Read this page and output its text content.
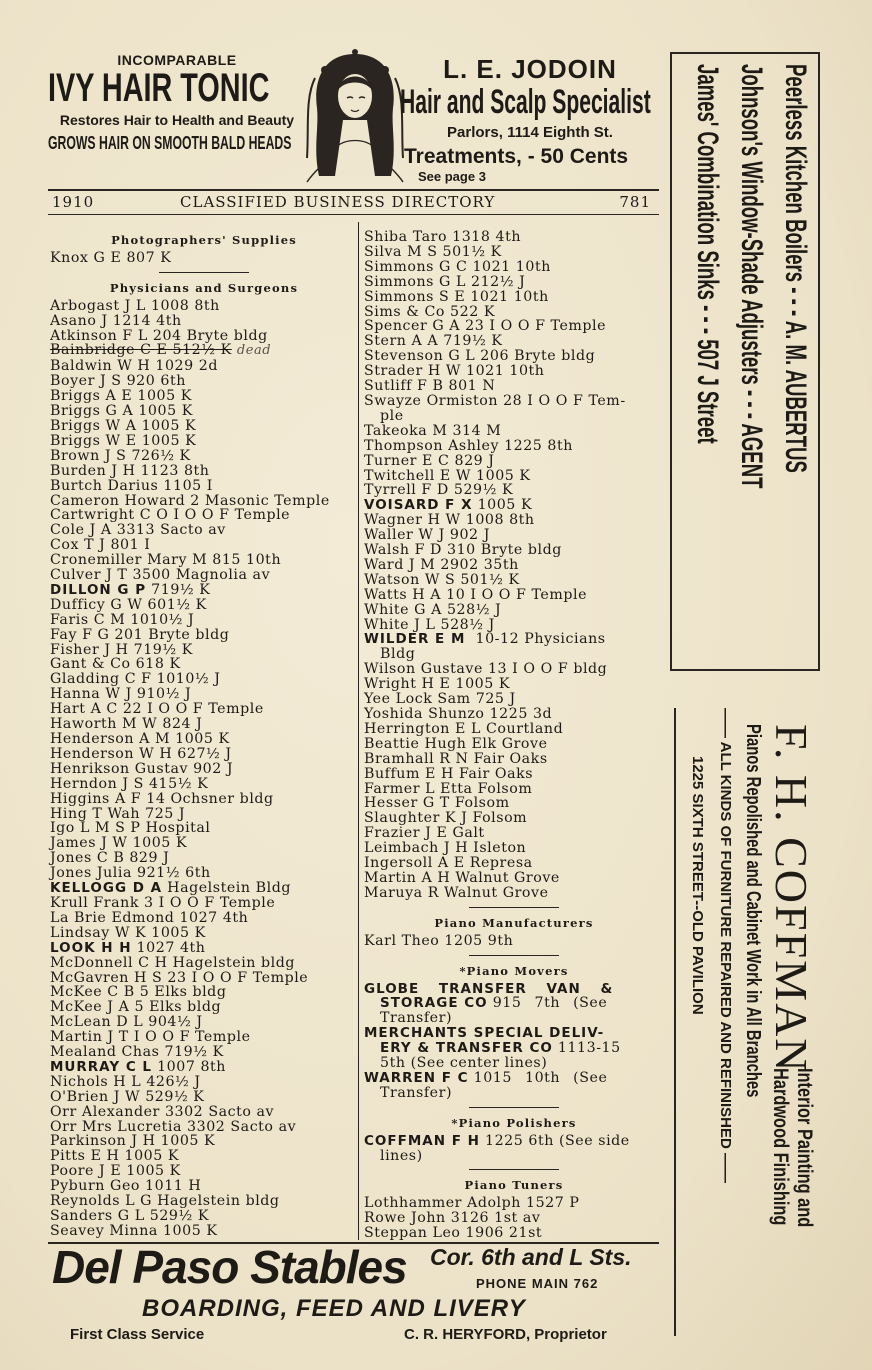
INCOMPARABLE
IVY HAIR TONIC
Restores Hair to Health and Beauty
GROWS HAIR ON SMOOTH BALD HEADS
L. E. JODOIN
Hair and Scalp Specialist
Parlors, 1114 Eighth St.
Treatments, - 50 Cents
See page 3
1910	CLASSIFIED BUSINESS DIRECTORY	781
Photographers' Supplies
Knox G E 807 K
Physicians and Surgeons
Arbogast J L 1008 8th
Asano J 1214 4th
Atkinson F L 204 Bryte bldg
Bainbridge C E 512½ K dead
Baldwin W H 1029 2d
Boyer J S 920 6th
Briggs A E 1005 K
Briggs G A 1005 K
Briggs W A 1005 K
Briggs W E 1005 K
Brown J S 726½ K
Burden J H 1123 8th
Burtch Darius 1105 I
Cameron Howard 2 Masonic Temple
Cartwright C O I O O F Temple
Cole J A 3313 Sacto av
Cox T J 801 I
Cronemiller Mary M 815 10th
Culver J T 3500 Magnolia av
DILLON G P 719½ K
Dufficy G W 601½ K
Faris C M 1010½ J
Fay F G 201 Bryte bldg
Fisher J H 719½ K
Gant & Co 618 K
Gladding C F 1010½ J
Hanna W J 910½ J
Hart A C 22 I O O F Temple
Haworth M W 824 J
Henderson A M 1005 K
Henderson W H 627½ J
Henrikson Gustav 902 J
Herndon J S 415½ K
Higgins A F 14 Ochsner bldg
Hing T Wah 725 J
Igo L M S P Hospital
James J W 1005 K
Jones C B 829 J
Jones Julia 921½ 6th
KELLOGG D A Hagelstein Bldg
Krull Frank 3 I O O F Temple
La Brie Edmond 1027 4th
Lindsay W K 1005 K
LOOK H H 1027 4th
McDonnell C H Hagelstein bldg
McGavren H S 23 I O O F Temple
McKee C B 5 Elks bldg
McKee J A 5 Elks bldg
McLean D L 904½ J
Martin J T I O O F Temple
Mealand Chas 719½ K
MURRAY C L 1007 8th
Nichols H L 426½ J
O'Brien J W 529½ K
Orr Alexander 3302 Sacto av
Orr Mrs Lucretia 3302 Sacto av
Parkinson J H 1005 K
Pitts E H 1005 K
Poore J E 1005 K
Pyburn Geo 1011 H
Reynolds L G Hagelstein bldg
Sanders G L 529½ K
Seavey Minna 1005 K
Shiba Taro 1318 4th
Silva M S 501½ K
Simmons G C 1021 10th
Simmons G L 212½ J
Simmons S E 1021 10th
Sims & Co 522 K
Spencer G A 23 I O O F Temple
Stern A A 719½ K
Stevenson G L 206 Bryte bldg
Strader H W 1021 10th
Sutliff F B 801 N
Swayze Ormiston 28 I O O F Tem-
ple
Takeoka M 314 M
Thompson Ashley 1225 8th
Turner E C 829 J
Twitchell E W 1005 K
Tyrrell F D 529½ K
VOISARD F X 1005 K
Wagner H W 1008 8th
Waller W J 902 J
Walsh F D 310 Bryte bldg
Ward J M 2902 35th
Watson W S 501½ K
Watts H A 10 I O O F Temple
White G A 528½ J
White J L 528½ J
WILDER E M 10-12 Physicians
Bldg
Wilson Gustave 13 I O O F bldg
Wright H E 1005 K
Yee Lock Sam 725 J
Yoshida Shunzo 1225 3d
Herrington E L Courtland
Beattie Hugh Elk Grove
Bramhall R N Fair Oaks
Buffum E H Fair Oaks
Farmer L Etta Folsom
Hesser G T Folsom
Slaughter K J Folsom
Frazier J E Galt
Leimbach J H Isleton
Ingersoll A E Represa
Martin A H Walnut Grove
Maruya R Walnut Grove
Piano Manufacturers
Karl Theo 1205 9th
*Piano Movers
GLOBE TRANSFER VAN &
STORAGE CO 915 7th (See
Transfer)
MERCHANTS SPECIAL DELIV-
ERY & TRANSFER CO 1113-15
5th (See center lines)
WARREN F C 1015 10th (See
Transfer)
*Piano Polishers
COFFMAN F H 1225 6th (See side
lines)
Piano Tuners
Lothhammer Adolph 1527 P
Rowe John 3126 1st av
Steppan Leo 1906 21st
Peerless Kitchen Boilers - - - A. M. AUBERTUS
Johnson's Window-Shade Adjusters - - - AGENT
James' Combination Sinks - - - 507 J Street
F. H. COFFMAN
Interior Painting and
Hardwood Finishing
Pianos Repolished and Cabinet Work in All Branches
—— ALL KINDS OF FURNITURE REPAIRED AND REFINISHED ——
1225 SIXTH STREET--OLD PAVILION
Del Paso Stables Cor. 6th and L Sts.
PHONE MAIN 762
BOARDING, FEED AND LIVERY
First Class Service	C. R. HERYFORD, Proprietor
